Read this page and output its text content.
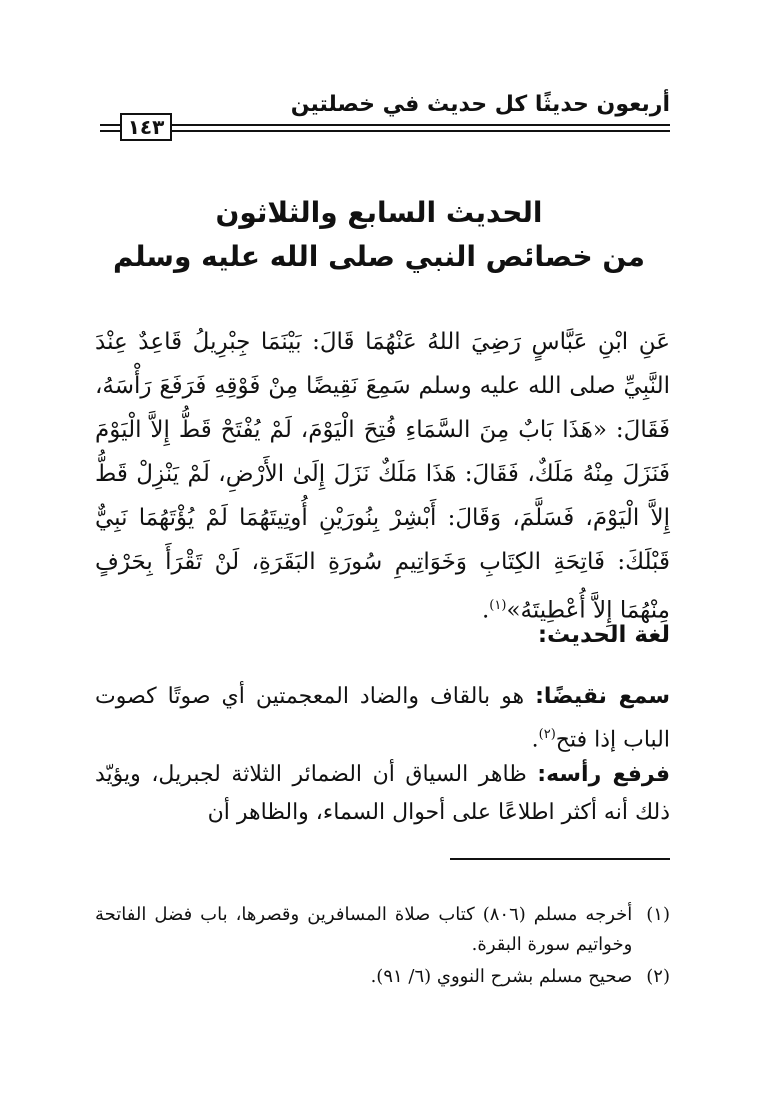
أربعون حديثًا كل حديث في خصلتين
١٤٣
الحديث السابع والثلاثون
من خصائص النبي صلى الله عليه وسلم
عَنِ ابْنِ عَبَّاسٍ رَضِيَ اللهُ عَنْهُمَا قَالَ: بَيْنَمَا جِبْرِيلُ قَاعِدٌ عِنْدَ النَّبِيِّ صلى الله عليه وسلم سَمِعَ نَقِيضًا مِنْ فَوْقِهِ فَرَفَعَ رَأْسَهُ، فَقَالَ: «هَذَا بَابٌ مِنَ السَّمَاءِ فُتِحَ الْيَوْمَ، لَمْ يُفْتَحْ قَطُّ إِلاَّ الْيَوْمَ فَنَزَلَ مِنْهُ مَلَكٌ، فَقَالَ: هَذَا مَلَكٌ نَزَلَ إِلَىٰ الأَرْضِ، لَمْ يَنْزِلْ قَطُّ إِلاَّ الْيَوْمَ، فَسَلَّمَ، وَقَالَ: أَبْشِرْ بِنُورَيْنِ أُوتِيتَهُمَا لَمْ يُؤْتَهُمَا نَبِيٌّ قَبْلَكَ: فَاتِحَةِ الكِتَابِ وَخَوَاتِيمِ سُورَةِ البَقَرَةِ، لَنْ تَقْرَأَ بِحَرْفٍ مِنْهُمَا إِلاَّ أُعْطِيتَهُ»$^{(١)}$.
لغة الحديث:
سمع نقيضًا: هو بالقاف والضاد المعجمتين أي صوتًا كصوت الباب إذا فتح$^{(٢)}$.
فرفع رأسه: ظاهر السياق أن الضمائر الثلاثة لجبريل، ويؤيّد ذلك أنه أكثر اطلاعًا على أحوال السماء، والظاهر أن
(١)
أخرجه مسلم (٨٠٦) كتاب صلاة المسافرين وقصرها، باب فضل الفاتحة وخواتيم سورة البقرة.
(٢)
صحيح مسلم بشرح النووي (٦/ ٩١).
